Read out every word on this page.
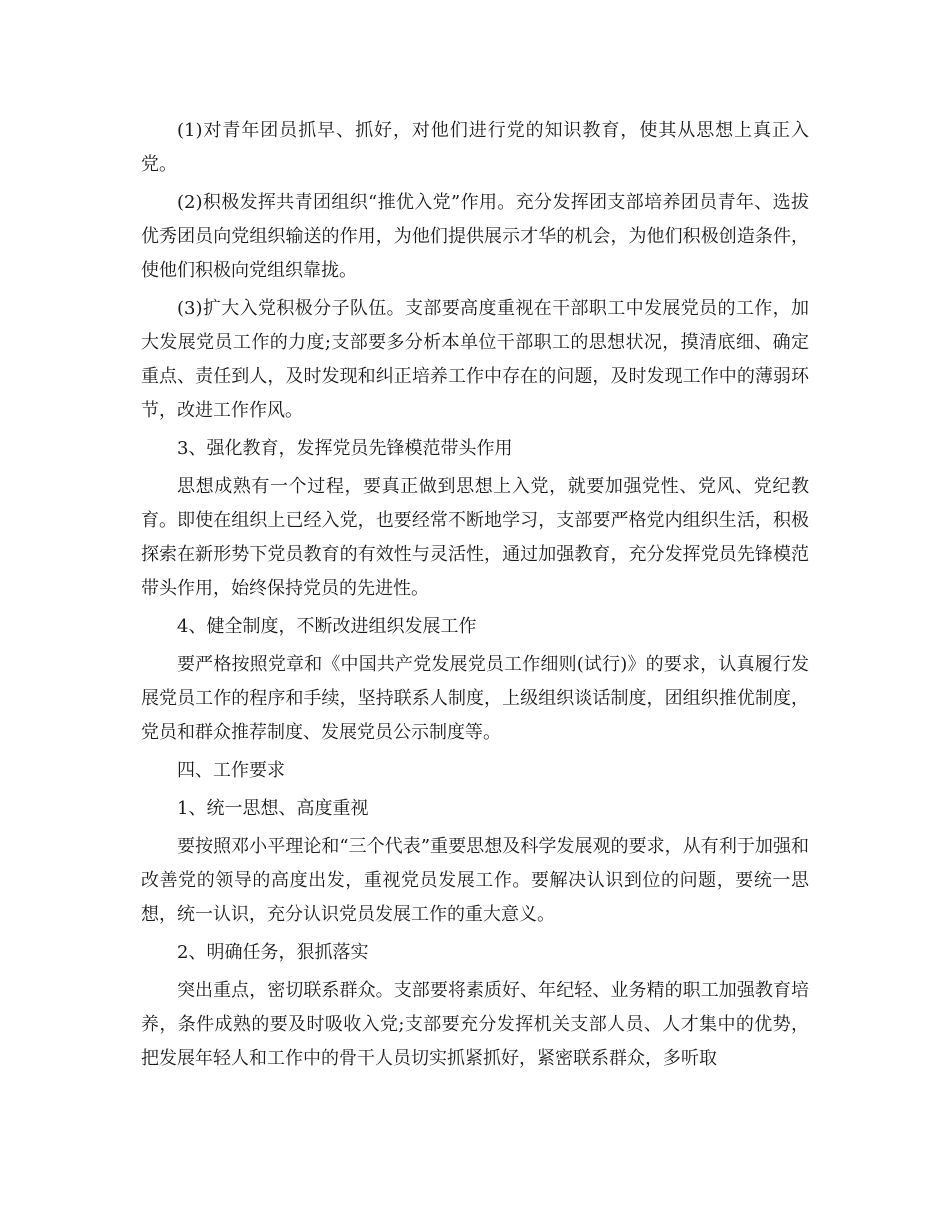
(1)对青年团员抓早、抓好，对他们进行党的知识教育，使其从思想上真正入党。

(2)积极发挥共青团组织“推优入党”作用。充分发挥团支部培养团员青年、选拔优秀团员向党组织输送的作用，为他们提供展示才华的机会，为他们积极创造条件，使他们积极向党组织靠拢。

(3)扩大入党积极分子队伍。支部要高度重视在干部职工中发展党员的工作，加大发展党员工作的力度;支部要多分析本单位干部职工的思想状况，摸清底细、确定重点、责任到人，及时发现和纠正培养工作中存在的问题，及时发现工作中的薄弱环节，改进工作作风。

3、强化教育，发挥党员先锋模范带头作用

思想成熟有一个过程，要真正做到思想上入党，就要加强党性、党风、党纪教育。即使在组织上已经入党，也要经常不断地学习，支部要严格党内组织生活，积极探索在新形势下党员教育的有效性与灵活性，通过加强教育，充分发挥党员先锋模范带头作用，始终保持党员的先进性。

4、健全制度，不断改进组织发展工作

要严格按照党章和《中国共产党发展党员工作细则(试行)》的要求，认真履行发展党员工作的程序和手续，坚持联系人制度，上级组织谈话制度，团组织推优制度，党员和群众推荐制度、发展党员公示制度等。

四、工作要求

1、统一思想、高度重视

要按照邓小平理论和“三个代表”重要思想及科学发展观的要求，从有利于加强和改善党的领导的高度出发，重视党员发展工作。要解决认识到位的问题，要统一思想，统一认识，充分认识党员发展工作的重大意义。

2、明确任务，狠抓落实

突出重点，密切联系群众。支部要将素质好、年纪轻、业务精的职工加强教育培养，条件成熟的要及时吸收入党;支部要充分发挥机关支部人员、人才集中的优势，把发展年轻人和工作中的骨干人员切实抓紧抓好，紧密联系群众，多听取
